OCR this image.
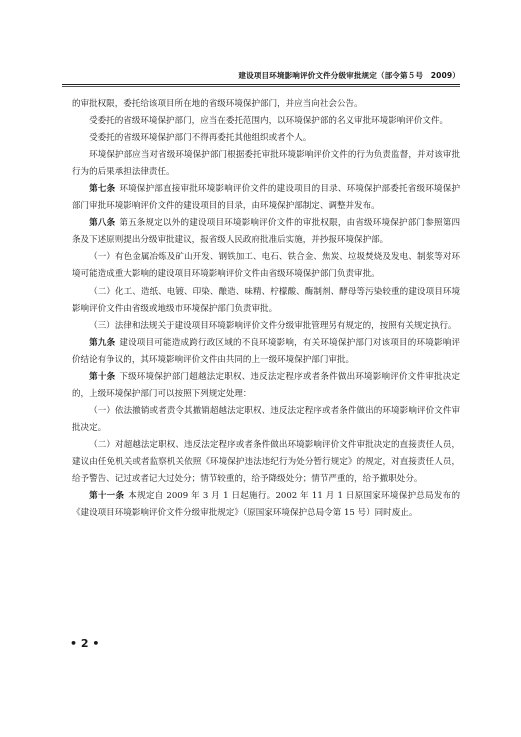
建设项目环境影响评价文件分级审批规定（部令第５号　2009）

的审批权限，委托给该项目所在地的省级环境保护部门，并应当向社会公告。

受委托的省级环境保护部门，应当在委托范围内，以环境保护部的名义审批环境影响评价文件。

受委托的省级环境保护部门不得再委托其他组织或者个人。

环境保护部应当对省级环境保护部门根据委托审批环境影响评价文件的行为负责监督，并对该审批行为的后果承担法律责任。

第七条 环境保护部直接审批环境影响评价文件的建设项目的目录、环境保护部委托省级环境保护部门审批环境影响评价文件的建设项目的目录，由环境保护部制定、调整并发布。

第八条 第五条规定以外的建设项目环境影响评价文件的审批权限，由省级环境保护部门参照第四条及下述原则提出分级审批建议，报省级人民政府批准后实施，并抄报环境保护部。

（一）有色金属冶炼及矿山开发、钢铁加工、电石、铁合金、焦炭、垃圾焚烧及发电、制浆等对环境可能造成重大影响的建设项目环境影响评价文件由省级环境保护部门负责审批。

（二）化工、造纸、电镀、印染、酿造、味精、柠檬酸、酶制剂、酵母等污染较重的建设项目环境影响评价文件由省级或地级市环境保护部门负责审批。

（三）法律和法规关于建设项目环境影响评价文件分级审批管理另有规定的，按照有关规定执行。

第九条 建设项目可能造成跨行政区域的不良环境影响，有关环境保护部门对该项目的环境影响评价结论有争议的，其环境影响评价文件由共同的上一级环境保护部门审批。

第十条 下级环境保护部门超越法定职权、违反法定程序或者条件做出环境影响评价文件审批决定的，上级环境保护部门可以按照下列规定处理：

（一）依法撤销或者责令其撤销超越法定职权、违反法定程序或者条件做出的环境影响评价文件审批决定。

（二）对超越法定职权、违反法定程序或者条件做出环境影响评价文件审批决定的直接责任人员，建议由任免机关或者监察机关依照《环境保护违法违纪行为处分暂行规定》的规定，对直接责任人员，给予警告、记过或者记大过处分；情节较重的，给予降级处分；情节严重的，给予撤职处分。

第十一条 本规定自 2009 年 3 月 1 日起施行。2002 年 11 月 1 日原国家环境保护总局发布的《建设项目环境影响评价文件分级审批规定》（原国家环境保护总局令第 15 号）同时废止。

• 2 •
